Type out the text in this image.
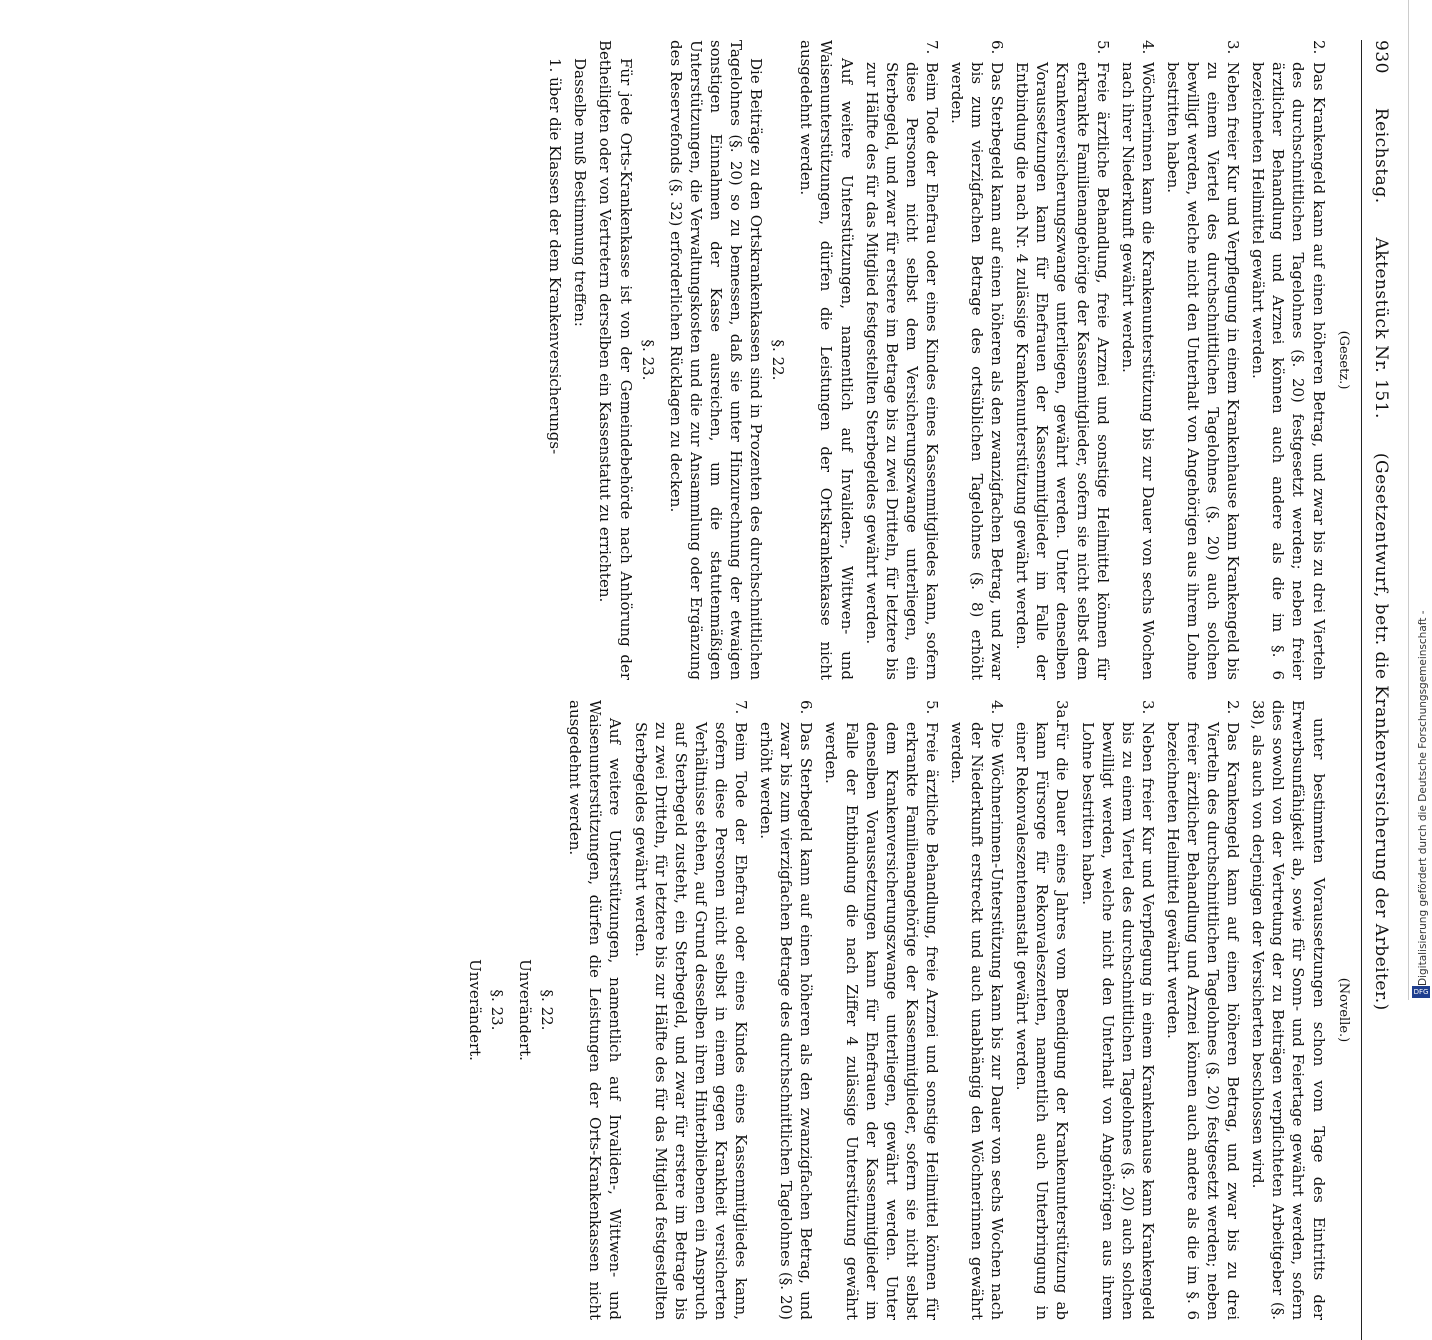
930 Reichstag. Aktenstück Nr. 151. (Gesetzentwurf, betr. die Krankenversicherung der Arbeiter.)
(Gesetz.)
2.
Das Krankengeld kann auf einen höheren Betrag, und zwar bis zu drei Vierteln des durchschnittlichen Tagelohnes (§. 20) festgesetzt werden; neben freier ärztlicher Behandlung und Arznei können auch andere als die im §. 6 bezeichneten Heilmittel gewährt werden.
3.
Neben freier Kur und Verpflegung in einem Krankenhause kann Krankengeld bis zu einem Viertel des durchschnittlichen Tagelohnes (§. 20) auch solchen bewilligt werden, welche nicht den Unterhalt von Angehörigen aus ihrem Lohne bestritten haben.
4.
Wöchnerinnen kann die Krankenunterstützung bis zur Dauer von sechs Wochen nach ihrer Niederkunft gewährt werden.
5.
Freie ärztliche Behandlung, freie Arznei und sonstige Heilmittel können für erkrankte Familienangehörige der Kassenmitglieder, sofern sie nicht selbst dem Krankenversicherungszwange unterliegen, gewährt werden. Unter denselben Voraussetzungen kann für Ehefrauen der Kassenmitglieder im Falle der Entbindung die nach Nr. 4 zulässige Krankenunterstützung gewährt werden.
6.
Das Sterbegeld kann auf einen höheren als den zwanzigfachen Betrag, und zwar bis zum vierzigfachen Betrage des ortsüblichen Tagelohnes (§. 8) erhöht werden.
7.
Beim Tode der Ehefrau oder eines Kindes eines Kassenmitgliedes kann, sofern diese Personen nicht selbst dem Versicherungszwange unterliegen, ein Sterbegeld, und zwar für erstere im Betrage bis zu zwei Dritteln, für letztere bis zur Hälfte des für das Mitglied festgestellten Sterbegeldes gewährt werden.

Auf weitere Unterstützungen, namentlich auf Invaliden-, Wittwen- und Waisenunterstützungen, dürfen die Leistungen der Ortskrankenkasse nicht ausgedehnt werden.

§. 22.

Die Beiträge zu den Ortskrankenkassen sind in Prozenten des durchschnittlichen Tagelohnes (§. 20) so zu bemessen, daß sie unter Hinzurechnung der etwaigen sonstigen Einnahmen der Kasse ausreichen, um die statutenmäßigen Unterstützungen, die Verwaltungskosten und die zur Ansammlung oder Ergänzung des Reservefonds (§. 32) erforderlichen Rücklagen zu decken.

§. 23.

Für jede Orts-Krankenkasse ist von der Gemeindebehörde nach Anhörung der Betheiligten oder von Vertretern derselben ein Kassenstatut zu errichten.

Dasselbe muß Bestimmung treffen:

1. über die Klassen der dem Krankenversicherungs-

(Novelle.)

unter bestimmten Voraussetzungen schon vom Tage des Eintritts der Erwerbsunfähigkeit ab, sowie für Sonn- und Feiertage gewährt werden, sofern dies sowohl von der Vertretung der zu Beiträgen verpflichteten Arbeitgeber (§. 38), als auch von derjenigen der Versicherten beschlossen wird.

2.
Das Krankengeld kann auf einen höheren Betrag, und zwar bis zu drei Vierteln des durchschnittlichen Tagelohnes (§. 20) festgesetzt werden; neben freier ärztlicher Behandlung und Arznei können auch andere als die im §. 6 bezeichneten Heilmittel gewährt werden.
3.
Neben freier Kur und Verpflegung in einem Krankenhause kann Krankengeld bis zu einem Viertel des durchschnittlichen Tagelohnes (§. 20) auch solchen bewilligt werden, welche nicht den Unterhalt von Angehörigen aus ihrem Lohne bestritten haben.
3a.
Für die Dauer eines Jahres vom Beendigung der Krankenunterstützung ab kann Fürsorge für Rekonvaleszenten, namentlich auch Unterbringung in einer Rekonvaleszentenanstalt gewährt werden.
4.
Die Wöchnerinnen-Unterstützung kann bis zur Dauer von sechs Wochen nach der Niederkunft erstreckt und auch unabhängig den Wöchnerinnen gewährt werden.
5.
Freie ärztliche Behandlung, freie Arznei und sonstige Heilmittel können für erkrankte Familienangehörige der Kassenmitglieder, sofern sie nicht selbst dem Krankenversicherungszwange unterliegen, gewährt werden. Unter denselben Voraussetzungen kann für Ehefrauen der Kassenmitglieder im Falle der Entbindung die nach Ziffer 4 zulässige Unterstützung gewährt werden.
6.
Das Sterbegeld kann auf einen höheren als den zwanzigfachen Betrag, und zwar bis zum vierzigfachen Betrage des durchschnittlichen Tagelohnes (§. 20) erhöht werden.
7.
Beim Tode der Ehefrau oder eines Kindes eines Kassenmitgliedes kann, sofern diese Personen nicht selbst in einem gegen Krankheit versicherten Verhältnisse stehen, auf Grund desselben ihren Hinterbliebenen ein Anspruch auf Sterbegeld zusteht, ein Sterbegeld, und zwar für erstere im Betrage bis zu zwei Dritteln, für letztere bis zur Hälfte des für das Mitglied festgestellten Sterbegeldes gewährt werden.

Auf weitere Unterstützungen, namentlich auf Invaliden-, Wittwen- und Waisenunterstützungen, dürfen die Leistungen der Orts-Krankenkassen nicht ausgedehnt werden.

§. 22.
Unverändert.
§. 23.
Unverändert.
Digitalisierung gefördert durch die Deutsche Forschungsgemeinschaft -
DFG
